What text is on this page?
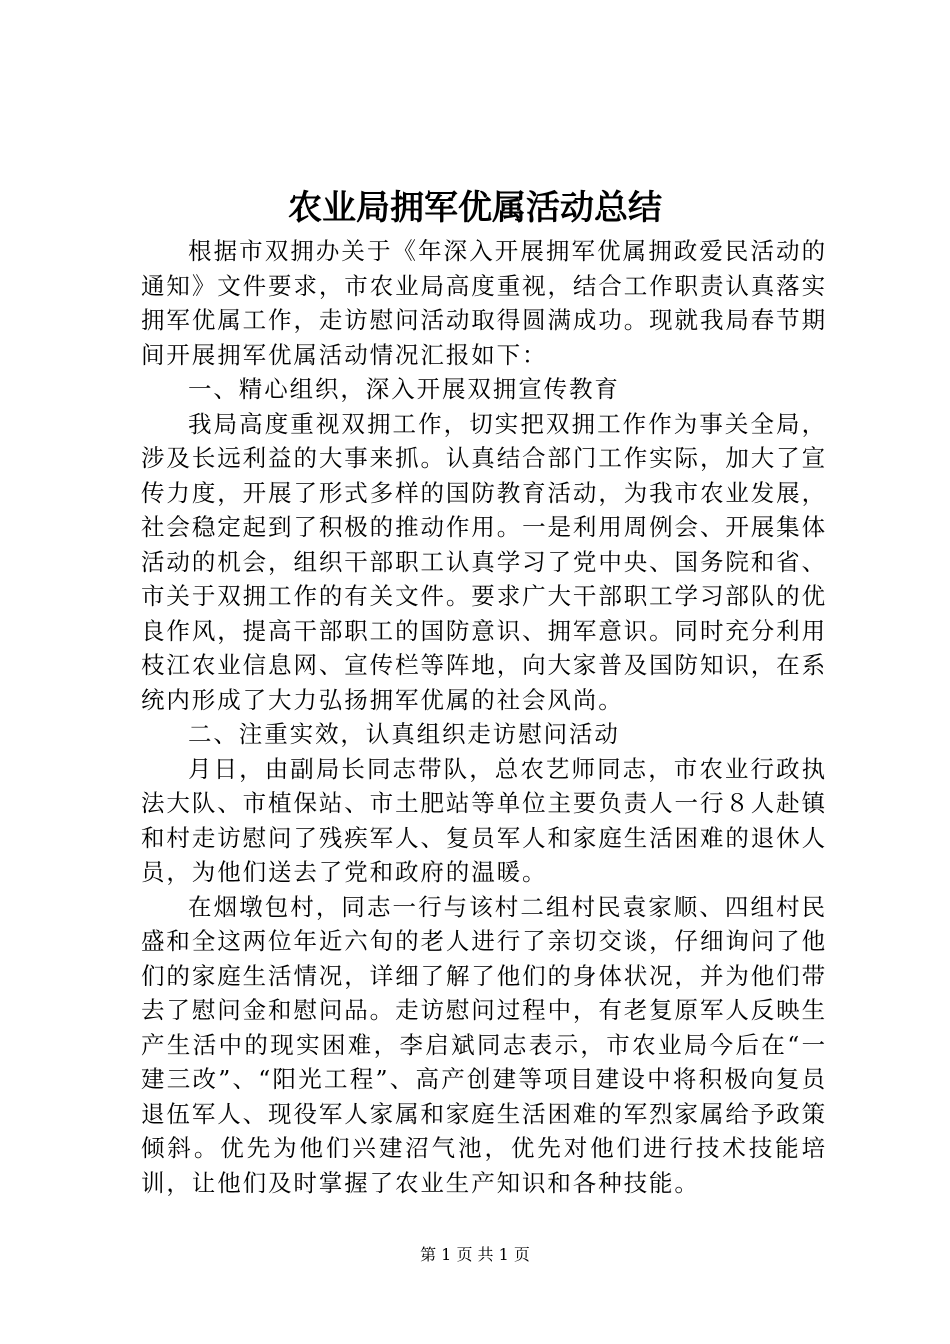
农业局拥军优属活动总结

根据市双拥办关于《年深入开展拥军优属拥政爱民活动的通知》文件要求，市农业局高度重视，结合工作职责认真落实拥军优属工作，走访慰问活动取得圆满成功。现就我局春节期间开展拥军优属活动情况汇报如下：

一、精心组织，深入开展双拥宣传教育

我局高度重视双拥工作，切实把双拥工作作为事关全局，涉及长远利益的大事来抓。认真结合部门工作实际，加大了宣传力度，开展了形式多样的国防教育活动，为我市农业发展，社会稳定起到了积极的推动作用。一是利用周例会、开展集体活动的机会，组织干部职工认真学习了党中央、国务院和省、市关于双拥工作的有关文件。要求广大干部职工学习部队的优良作风，提高干部职工的国防意识、拥军意识。同时充分利用枝江农业信息网、宣传栏等阵地，向大家普及国防知识，在系统内形成了大力弘扬拥军优属的社会风尚。

二、注重实效，认真组织走访慰问活动

月日，由副局长同志带队，总农艺师同志，市农业行政执法大队、市植保站、市土肥站等单位主要负责人一行８人赴镇和村走访慰问了残疾军人、复员军人和家庭生活困难的退休人员，为他们送去了党和政府的温暖。

在烟墩包村，同志一行与该村二组村民袁家顺、四组村民盛和全这两位年近六旬的老人进行了亲切交谈，仔细询问了他们的家庭生活情况，详细了解了他们的身体状况，并为他们带去了慰问金和慰问品。走访慰问过程中，有老复原军人反映生产生活中的现实困难，李启斌同志表示，市农业局今后在“一建三改”、“阳光工程”、高产创建等项目建设中将积极向复员退伍军人、现役军人家属和家庭生活困难的军烈家属给予政策倾斜。优先为他们兴建沼气池，优先对他们进行技术技能培训，让他们及时掌握了农业生产知识和各种技能。

第 1 页 共 1 页
